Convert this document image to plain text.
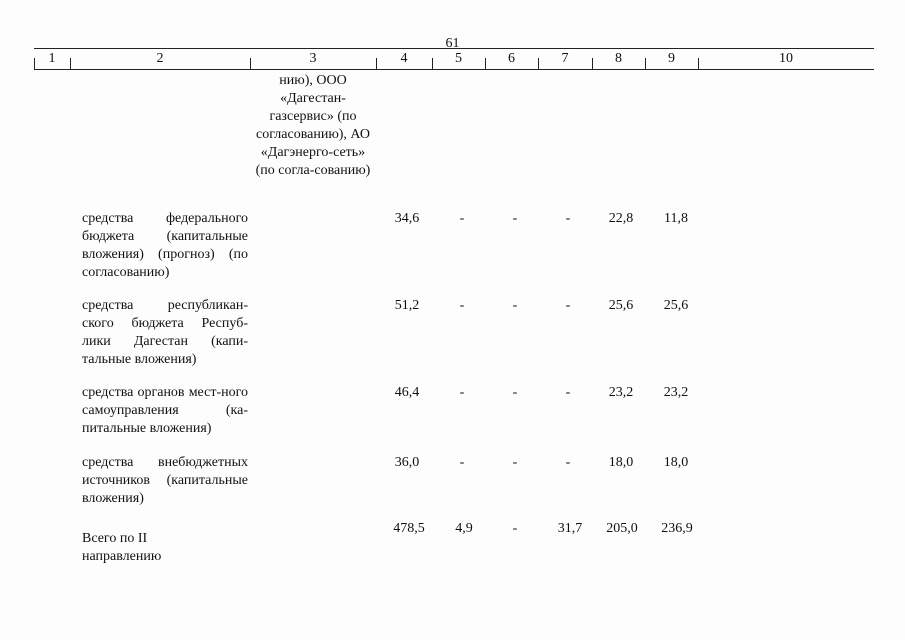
61
1	2	3	4	5	6	7	8	9	10
нию), ООО «Дагестан-газсервис» (по согласованию), АО «Дагэнерго-сеть» (по согла-сованию)
средства федерального бюджета (капитальные вложения) (прогноз) (по согласованию)
34,6	-	-	-	22,8	11,8
средства республикан-ского бюджета Респуб-лики Дагестан (капи-тальные вложения)
51,2	-	-	-	25,6	25,6
средства органов мест-ного самоуправления (ка-питальные вложения)
46,4	-	-	-	23,2	23,2
средства внебюджетных источников (капитальные вложения)
36,0	-	-	-	18,0	18,0
Всего по II направлению
478,5	4,9	-	31,7	205,0	236,9
